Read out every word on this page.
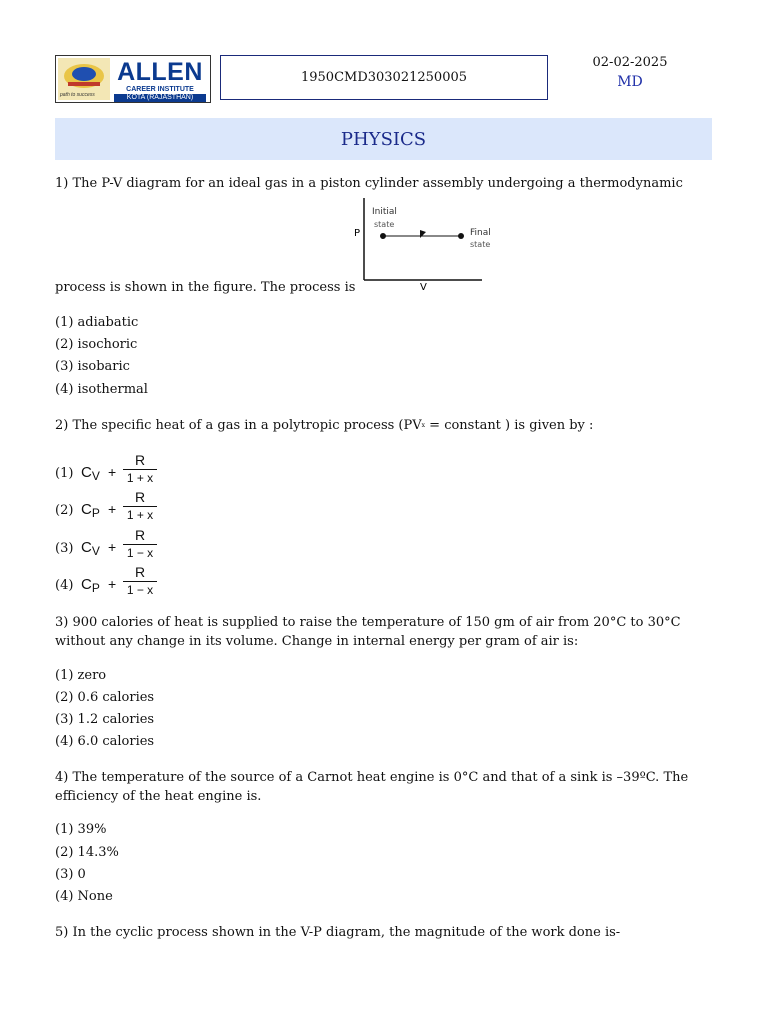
path to success
ALLEN
CAREER INSTITUTE
KOTA (RAJASTHAN)
1950CMD303021250005
02-02-2025
MD
PHYSICS
1) The P-V diagram for an ideal gas in a piston cylinder assembly undergoing a thermodynamic
P
V
Initial
state
Final
state
process is shown in the figure. The process is
(1) adiabatic
(2) isochoric
(3) isobaric
(4) isothermal
2) The specific heat of a gas in a polytropic process ($PV^x$ = constant ) is given by :
(1) $C_V + \frac{R}{1 + x}$
(2) $C_P + \frac{R}{1 + x}$
(3) $C_V + \frac{R}{1 - x}$
(4) $C_P + \frac{R}{1 - x}$
3) 900 calories of heat is supplied to raise the temperature of 150 gm of air from 20°C to 30°C
without any change in its volume. Change in internal energy per gram of air is:
(1) zero
(2) 0.6 calories
(3) 1.2 calories
(4) 6.0 calories
4) The temperature of the source of a Carnot heat engine is 0°C and that of a sink is –39ºC. The
efficiency of the heat engine is.
(1) 39%
(2) 14.3%
(3) 0
(4) None
5) In the cyclic process shown in the V-P diagram, the magnitude of the work done is-
